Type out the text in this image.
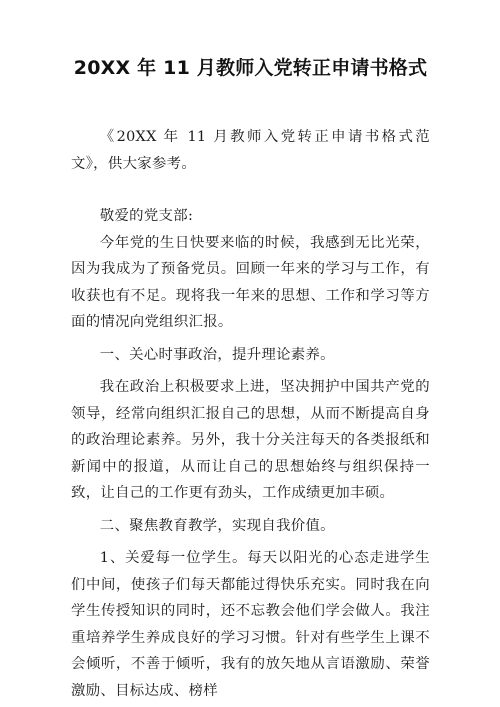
20XX 年 11 月教师入党转正申请书格式

《20XX 年 11 月教师入党转正申请书格式范文》，供大家参考。

敬爱的党支部:

今年党的生日快要来临的时候，我感到无比光荣，因为我成为了预备党员。回顾一年来的学习与工作，有收获也有不足。现将我一年来的思想、工作和学习等方面的情况向党组织汇报。

一、关心时事政治，提升理论素养。

我在政治上积极要求上进，坚决拥护中国共产党的领导，经常向组织汇报自己的思想，从而不断提高自身的政治理论素养。另外，我十分关注每天的各类报纸和新闻中的报道，从而让自己的思想始终与组织保持一致，让自己的工作更有劲头，工作成绩更加丰硕。

二、聚焦教育教学，实现自我价值。

1、关爱每一位学生。每天以阳光的心态走进学生们中间，使孩子们每天都能过得快乐充实。同时我在向学生传授知识的同时，还不忘教会他们学会做人。我注重培养学生养成良好的学习习惯。针对有些学生上课不会倾听，不善于倾听，我有的放矢地从言语激励、荣誉激励、目标达成、榜样
